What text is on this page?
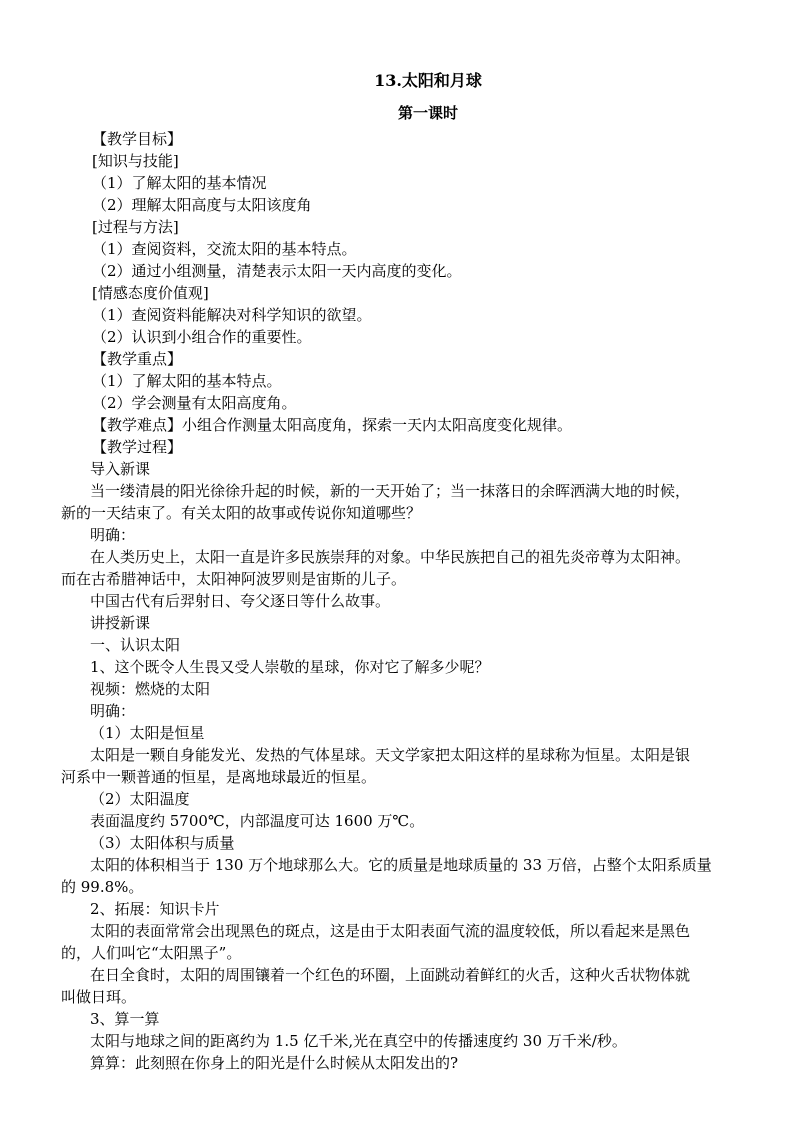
13.太阳和月球
第一课时
【教学目标】
[知识与技能]
（1）了解太阳的基本情况
（2）理解太阳高度与太阳该度角
[过程与方法]
（1）查阅资料，交流太阳的基本特点。
（2）通过小组测量，清楚表示太阳一天内高度的变化。
[情感态度价值观]
（1）查阅资料能解决对科学知识的欲望。
（2）认识到小组合作的重要性。
【教学重点】
（1）了解太阳的基本特点。
（2）学会测量有太阳高度角。
【教学难点】小组合作测量太阳高度角，探索一天内太阳高度变化规律。
【教学过程】
导入新课
当一缕清晨的阳光徐徐升起的时候，新的一天开始了；当一抹落日的余晖洒满大地的时候，
新的一天结束了。有关太阳的故事或传说你知道哪些？
明确：
在人类历史上，太阳一直是许多民族崇拜的对象。中华民族把自己的祖先炎帝尊为太阳神。
而在古希腊神话中，太阳神阿波罗则是宙斯的儿子。
中国古代有后羿射日、夸父逐日等什么故事。
讲授新课
一、认识太阳
1、这个既令人生畏又受人崇敬的星球，你对它了解多少呢？
视频：燃烧的太阳
明确：
（1）太阳是恒星
太阳是一颗自身能发光、发热的气体星球。天文学家把太阳这样的星球称为恒星。太阳是银
河系中一颗普通的恒星，是离地球最近的恒星。
（2）太阳温度
表面温度约 5700℃，内部温度可达 1600 万℃。
（3）太阳体积与质量
太阳的体积相当于 130 万个地球那么大。它的质量是地球质量的 33 万倍，占整个太阳系质量
的 99.8%。
2、拓展：知识卡片
太阳的表面常常会出现黑色的斑点，这是由于太阳表面气流的温度较低，所以看起来是黑色
的，人们叫它“太阳黑子”。
在日全食时，太阳的周围镶着一个红色的环圈，上面跳动着鲜红的火舌，这种火舌状物体就
叫做日珥。
3、算一算
太阳与地球之间的距离约为 1.5 亿千米,光在真空中的传播速度约 30 万千米/秒。
算算：此刻照在你身上的阳光是什么时候从太阳发出的?
